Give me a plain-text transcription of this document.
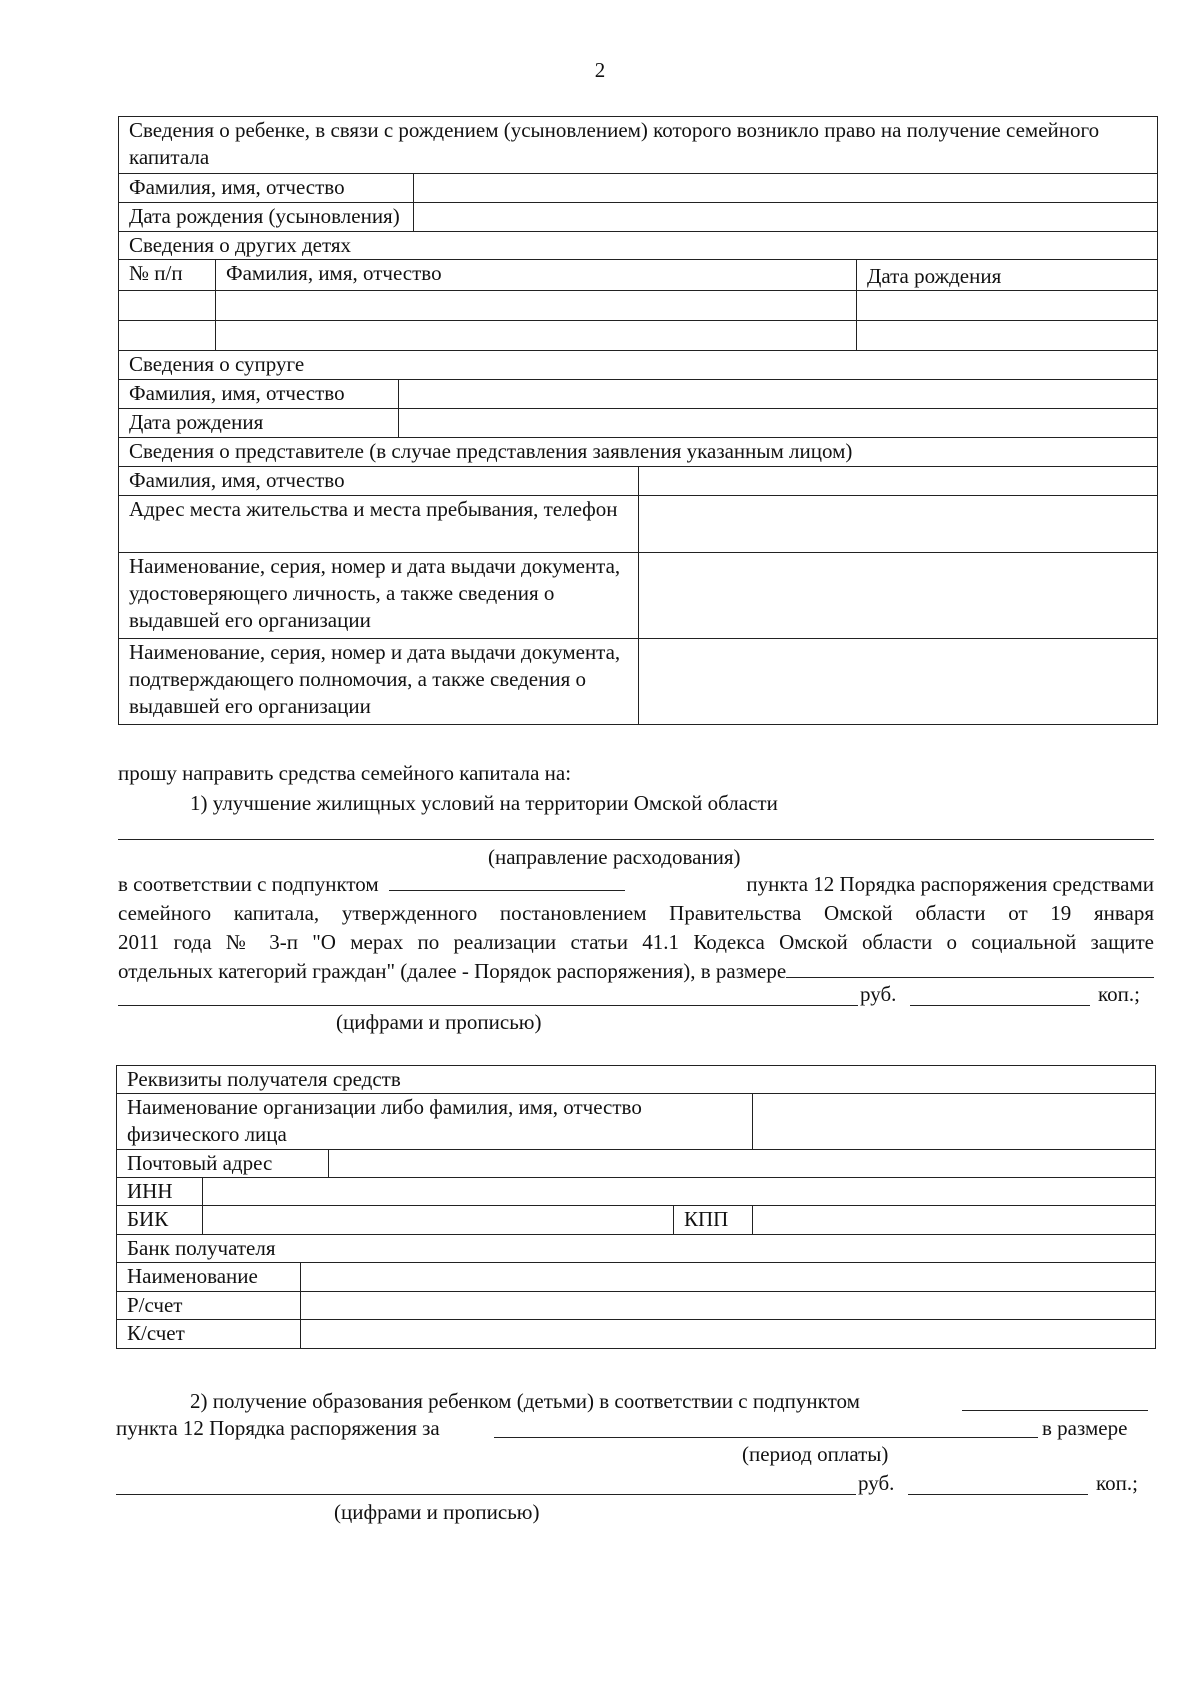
2
Сведения о ребенке, в связи с рождением (усыновлением) которого возникло право на получение семейного капитала					
Фамилия, имя, отчество					
Дата рождения (усыновления)					
Сведения о других детях					
№ п/п	Фамилия, имя, отчество				Дата рождения

Сведения о супруге					
Фамилия, имя, отчество					
Дата рождения					
Сведения о представителе (в случае представления заявления указанным лицом)					
Фамилия, имя, отчество					
Адрес места жительства и места пребывания, телефон					
Наименование, серия, номер и дата выдачи документа, удостоверяющего личность, а также сведения о выдавшей его организации					
Наименование, серия, номер и дата выдачи документа, подтверждающего полномочия, а также сведения о выдавшей его организации					
прошу направить средства семейного капитала на:
1) улучшение жилищных условий на территории Омской области
(направление расходования)
в соответствии с подпунктом	пункта 12 Порядка распоряжения средствами
семейного капитала, утвержденного постановлением Правительства Омской области от 19 января
2011 года № 3-п "О мерах по реализации статьи 41.1 Кодекса Омской области о социальной защите
отдельных категорий граждан" (далее - Порядок распоряжения), в размере
руб.	коп.;
(цифрами и прописью)
Реквизиты получателя средств					
Наименование организации либо фамилия, имя, отчество физического лица					
Почтовый адрес					
ИНН					
БИК				КПП	
Банк получателя					
Наименование					
Р/счет					
К/счет					
2) получение образования ребенком (детьми) в соответствии с подпунктом
пункта 12 Порядка распоряжения за	в размере
(период оплаты)
руб.	коп.;
(цифрами и прописью)
